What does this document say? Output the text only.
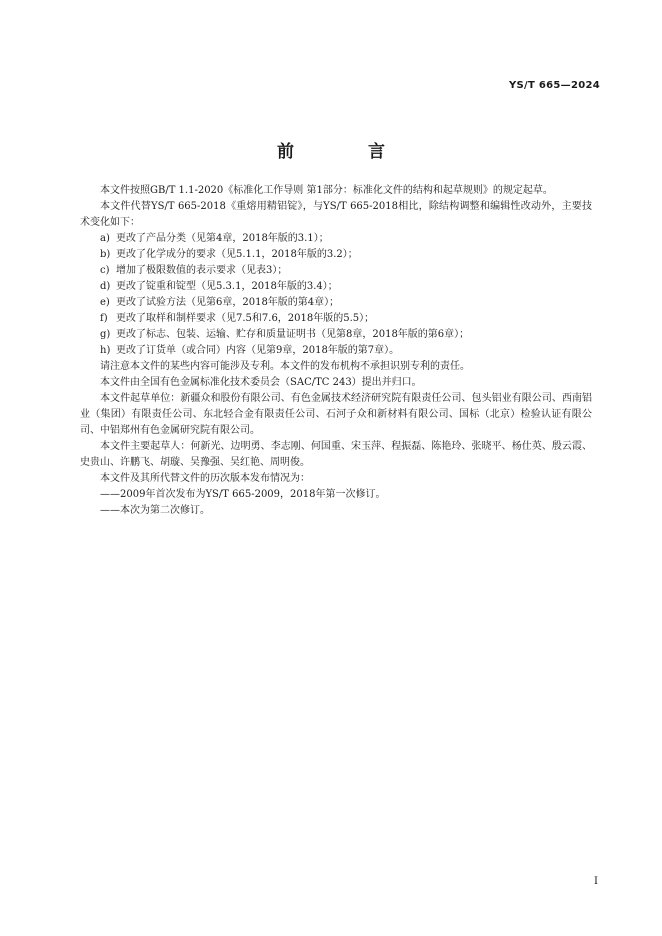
YS/T 665—2024
前 言

本文件按照GB/T 1.1-2020《标准化工作导则 第1部分：标准化文件的结构和起草规则》的规定起草。

本文件代替YS/T 665-2018《重熔用精铝锭》，与YS/T 665-2018相比，除结构调整和编辑性改动外，主要技术变化如下：

a) 更改了产品分类（见第4章，2018年版的3.1）；

b) 更改了化学成分的要求（见5.1.1，2018年版的3.2）；

c) 增加了极限数值的表示要求（见表3）；

d) 更改了锭重和锭型（见5.3.1，2018年版的3.4）；

e) 更改了试验方法（见第6章，2018年版的第4章）；

f) 更改了取样和制样要求（见7.5和7.6，2018年版的5.5）；

g) 更改了标志、包装、运输、贮存和质量证明书（见第8章，2018年版的第6章）；

h) 更改了订货单（或合同）内容（见第9章，2018年版的第7章）。

请注意本文件的某些内容可能涉及专利。本文件的发布机构不承担识别专利的责任。

本文件由全国有色金属标准化技术委员会（SAC/TC 243）提出并归口。

本文件起草单位：新疆众和股份有限公司、有色金属技术经济研究院有限责任公司、包头铝业有限公司、西南铝业（集团）有限责任公司、东北轻合金有限责任公司、石河子众和新材料有限公司、国标（北京）检验认证有限公司、中铝郑州有色金属研究院有限公司。

本文件主要起草人：何新光、边明勇、李志刚、何国重、宋玉萍、程振磊、陈艳玲、张晓平、杨仕英、殷云霞、史贵山、许鹏飞、胡璇、吴豫强、吴红艳、周明俊。

本文件及其所代替文件的历次版本发布情况为：

——2009年首次发布为YS/T 665-2009，2018年第一次修订。

——本次为第二次修订。

I
